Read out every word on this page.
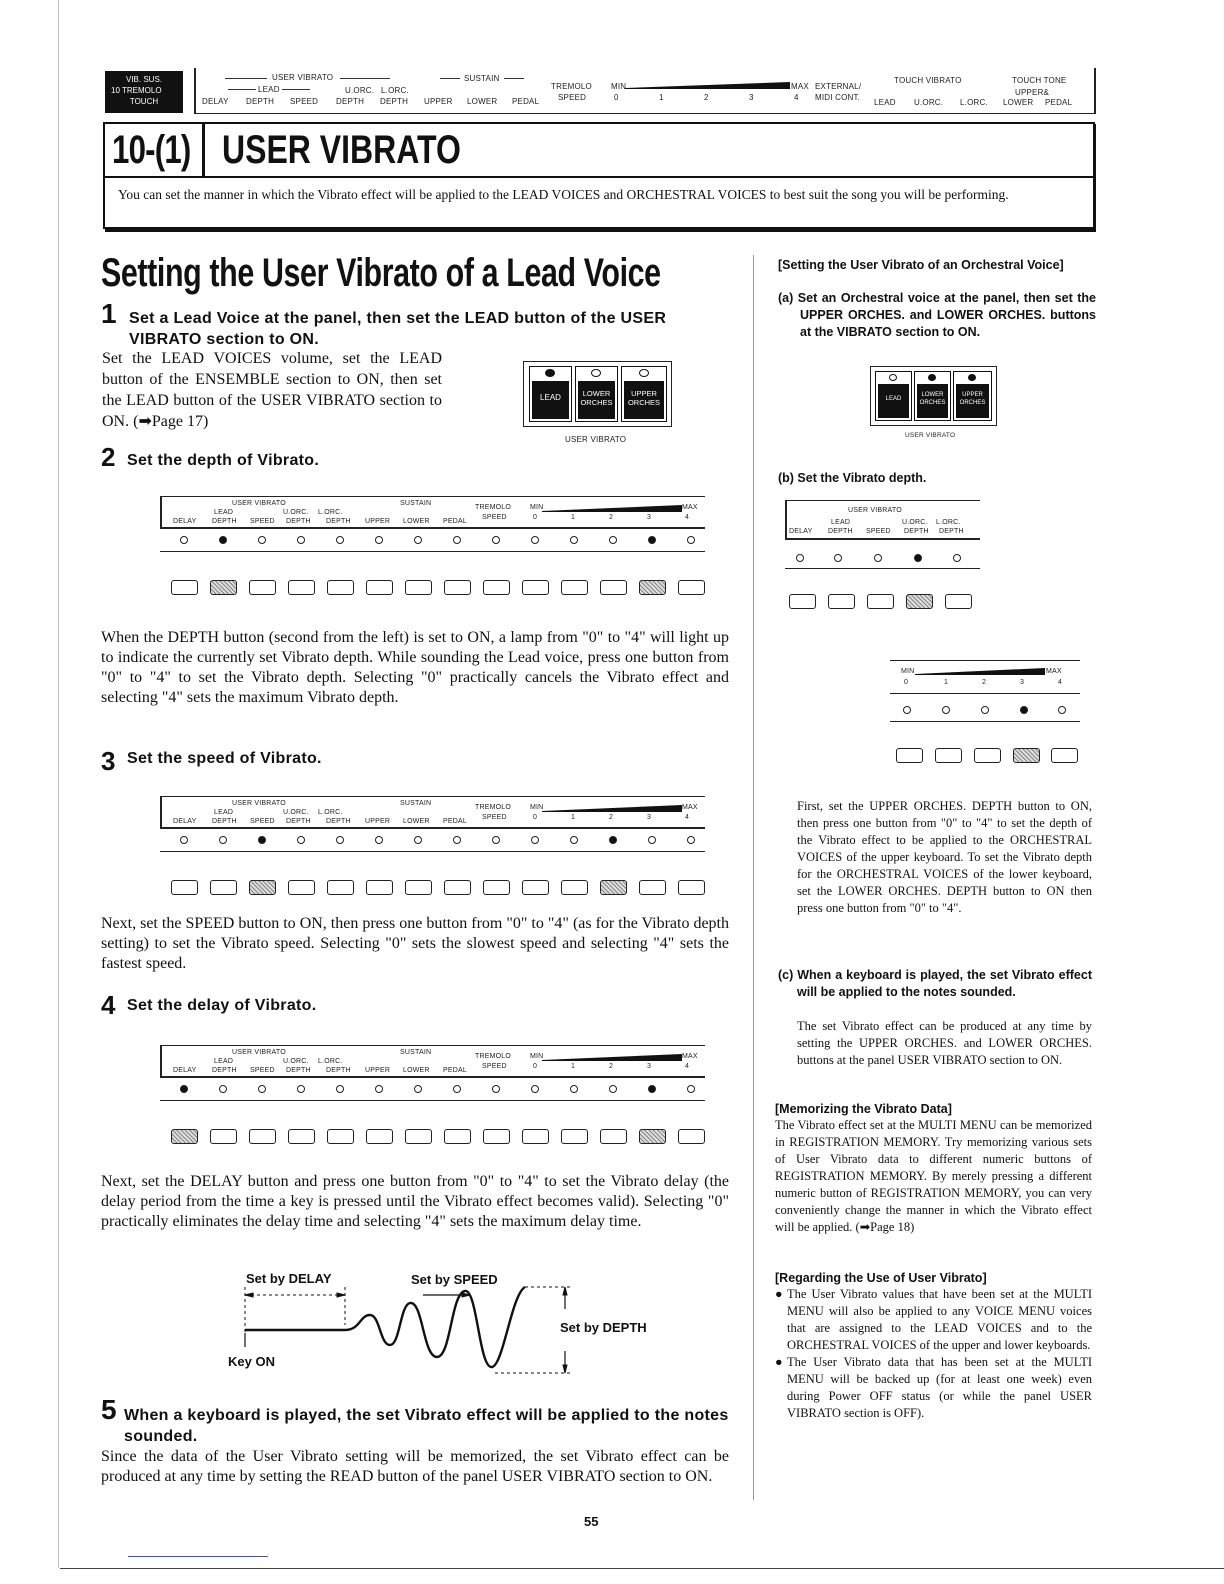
VIB. SUS.
10 TREMOLO
TOUCH
USER VIBRATO
LEAD	U.ORC. L.ORC.
DELAY DEPTH SPEED DEPTH DEPTH
SUSTAIN
UPPER LOWER PEDAL
TREMOLO
SPEED
MIN	MAX
0	1	2	3	4
EXTERNAL/
MIDI CONT.
TOUCH VIBRATO	TOUCH TONE
UPPER&
LEAD U.ORC. L.ORC. LOWER PEDAL
10-(1) USER VIBRATO
You can set the manner in which the Vibrato effect will be applied to the LEAD VOICES and ORCHESTRAL VOICES to best suit the song you will be performing.
Setting the User Vibrato of a Lead Voice
1 Set a Lead Voice at the panel, then set the LEAD button of the USER VIBRATO section to ON.
Set the LEAD VOICES volume, set the LEAD button of the ENSEMBLE section to ON, then set the LEAD button of the USER VIBRATO section to ON. (➡Page 17)
LEAD	LOWER ORCHES
UPPER ORCHES
USER VIBRATO
2 Set the depth of Vibrato.
USER VIBRATO
LEAD	U.ORC. L.ORC.
DELAY DEPTH SPEED DEPTH DEPTH
SUSTAIN
UPPER LOWER PEDAL
TREMOLO
SPEED
MIN	MAX
0	1	2	3	4
When the DEPTH button (second from the left) is set to ON, a lamp from "0" to "4" will light up to indicate the currently set Vibrato depth. While sounding the Lead voice, press one button from "0" to "4" to set the Vibrato depth. Selecting "0" practically cancels the Vibrato effect and selecting "4" sets the maximum Vibrato depth.
3 Set the speed of Vibrato.
USER VIBRATO
LEAD	U.ORC. L.ORC.
DELAY DEPTH SPEED DEPTH DEPTH
SUSTAIN
UPPER LOWER PEDAL
TREMOLO
SPEED
MIN	MAX
0	1	2	3	4
Next, set the SPEED button to ON, then press one button from "0" to "4" (as for the Vibrato depth setting) to set the Vibrato speed. Selecting "0" sets the slowest speed and selecting "4" sets the fastest speed.
4 Set the delay of Vibrato.
USER VIBRATO
LEAD	U.ORC. L.ORC.
DELAY DEPTH SPEED DEPTH DEPTH
SUSTAIN
UPPER LOWER PEDAL
TREMOLO
SPEED
MIN	MAX
0	1	2	3	4
Next, set the DELAY button and press one button from "0" to "4" to set the Vibrato delay (the delay period from the time a key is pressed until the Vibrato effect becomes valid). Selecting "0" practically eliminates the delay time and selecting "4" sets the maximum delay time.
Set by DELAY	Set by SPEED
Set by DEPTH
Key ON
5 When a keyboard is played, the set Vibrato effect will be applied to the notes sounded.
Since the data of the User Vibrato setting will be memorized, the set Vibrato effect can be produced at any time by setting the READ button of the panel USER VIBRATO section to ON.
[Setting the User Vibrato of an Orchestral Voice]
(a) Set an Orchestral voice at the panel, then set the UPPER ORCHES. and LOWER ORCHES. buttons at the VIBRATO section to ON.
LEAD
LOWER ORCHES
UPPER ORCHES
USER VIBRATO
(b) Set the Vibrato depth.
USER VIBRATO
LEAD	U.ORC. L.ORC.
DELAY DEPTH SPEED DEPTH DEPTH
MIN	MAX
0	1	2	3	4
First, set the UPPER ORCHES. DEPTH button to ON, then press one button from "0" to "4" to set the depth of the Vibrato effect to be applied to the ORCHESTRAL VOICES of the upper keyboard. To set the Vibrato depth for the ORCHESTRAL VOICES of the lower keyboard, set the LOWER ORCHES. DEPTH button to ON then press one button from "0" to "4".
(c) When a keyboard is played, the set Vibrato effect will be applied to the notes sounded.
The set Vibrato effect can be produced at any time by setting the UPPER ORCHES. and LOWER ORCHES. buttons at the panel USER VIBRATO section to ON.
[Memorizing the Vibrato Data]
The Vibrato effect set at the MULTI MENU can be memorized in REGISTRATION MEMORY. Try memorizing various sets of User Vibrato data to different numeric buttons of REGISTRATION MEMORY. By merely pressing a different numeric button of REGISTRATION MEMORY, you can very conveniently change the manner in which the Vibrato effect will be applied. (➡Page 18)
[Regarding the Use of User Vibrato]
● The User Vibrato values that have been set at the MULTI MENU will also be applied to any VOICE MENU voices that are assigned to the LEAD VOICES and to the ORCHESTRAL VOICES of the upper and lower keyboards.
● The User Vibrato data that has been set at the MULTI MENU will be backed up (for at least one week) even during Power OFF status (or while the panel USER VIBRATO section is OFF).
55
